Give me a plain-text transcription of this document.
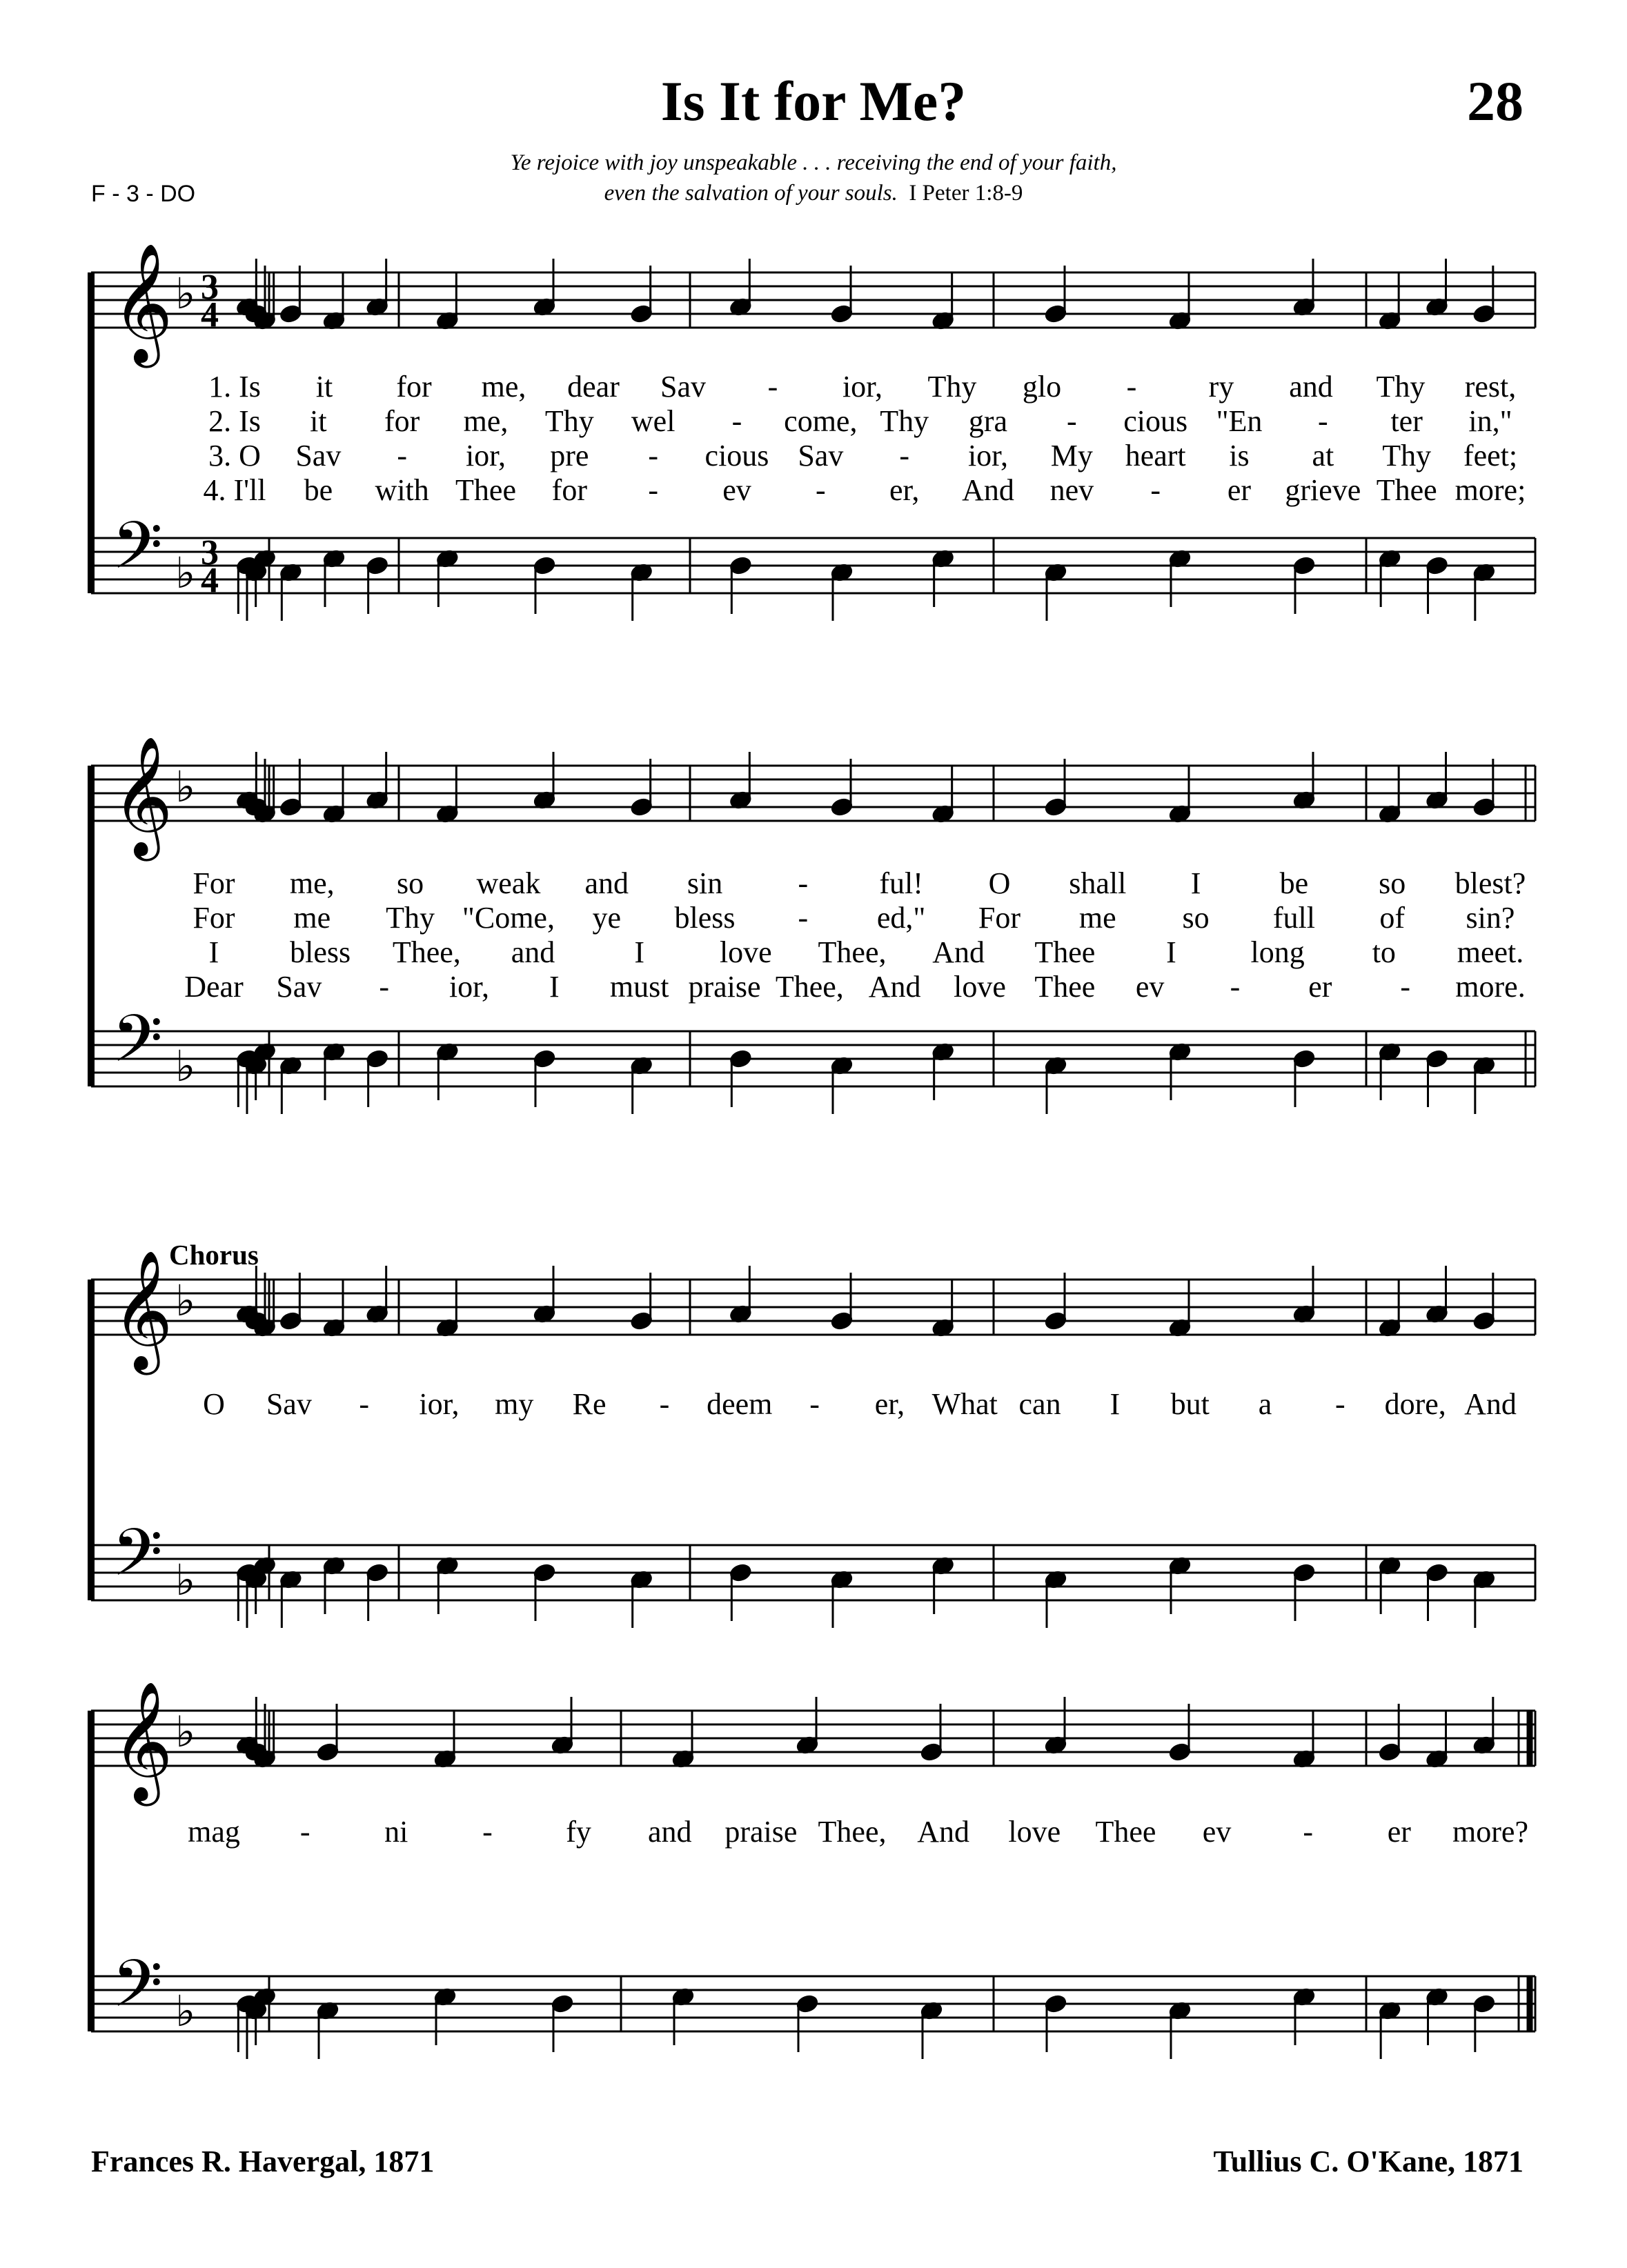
Is It for Me?	28
Ye rejoice with joy unspeakable . . . receiving the end of your faith,
even the salvation of your souls. I Peter 1:8-9
F - 3 - DO
Chorus
𝄞
𝄢
♭
♭
3
4
3
4
𝄞
𝄢
♭
♭
𝄞
𝄢
♭
♭
𝄞
𝄢
♭
♭
1. Is it for me, dear Sav - ior, Thy glo - ry and Thy rest,
2. Is it for me, Thy wel - come, Thy gra - cious "En - ter in,"
3. O Sav - ior, pre - cious Sav - ior, My heart is at Thy feet;
4. I'll be with Thee for - ev - er, And nev - er grieve Thee more;
For me, so weak and sin - ful! O shall I	be so blest?
For me Thy "Come, ye bless - ed," For me so full of sin?
I bless Thee, and	I love Thee, And Thee I long to meet.
Dear Sav - ior, I must praise Thee, And love Thee ev - er - more.
O Sav - ior, my Re - deem - er, What can I but a - dore, And
mag - ni - fy and praise Thee, And love Thee ev - er more?
Frances R. Havergal, 1871	Tullius C. O'Kane, 1871
